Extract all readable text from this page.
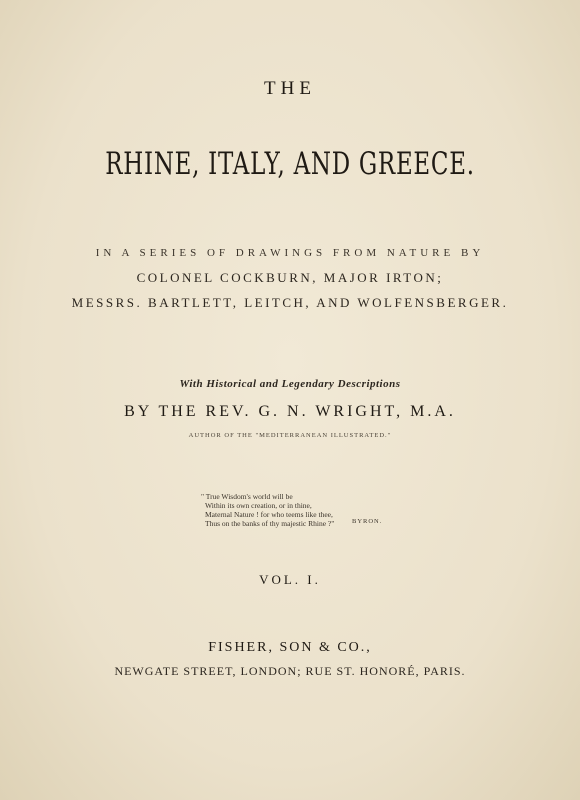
THE
RHINE, ITALY, AND GREECE.
IN A SERIES OF DRAWINGS FROM NATURE BY
COLONEL COCKBURN, MAJOR IRTON;
MESSRS. BARTLETT, LEITCH, AND WOLFENSBERGER.
With Historical and Legendary Descriptions
BY THE REV. G. N. WRIGHT, M.A.
AUTHOR OF THE "MEDITERRANEAN ILLUSTRATED."
" True Wisdom's world will be
Within its own creation, or in thine,
Maternal Nature ! for who teems like thee,
Thus on the banks of thy majestic Rhine ?"	BYRON.
VOL. I.
FISHER, SON & CO.,
NEWGATE STREET, LONDON; RUE ST. HONORÉ, PARIS.
